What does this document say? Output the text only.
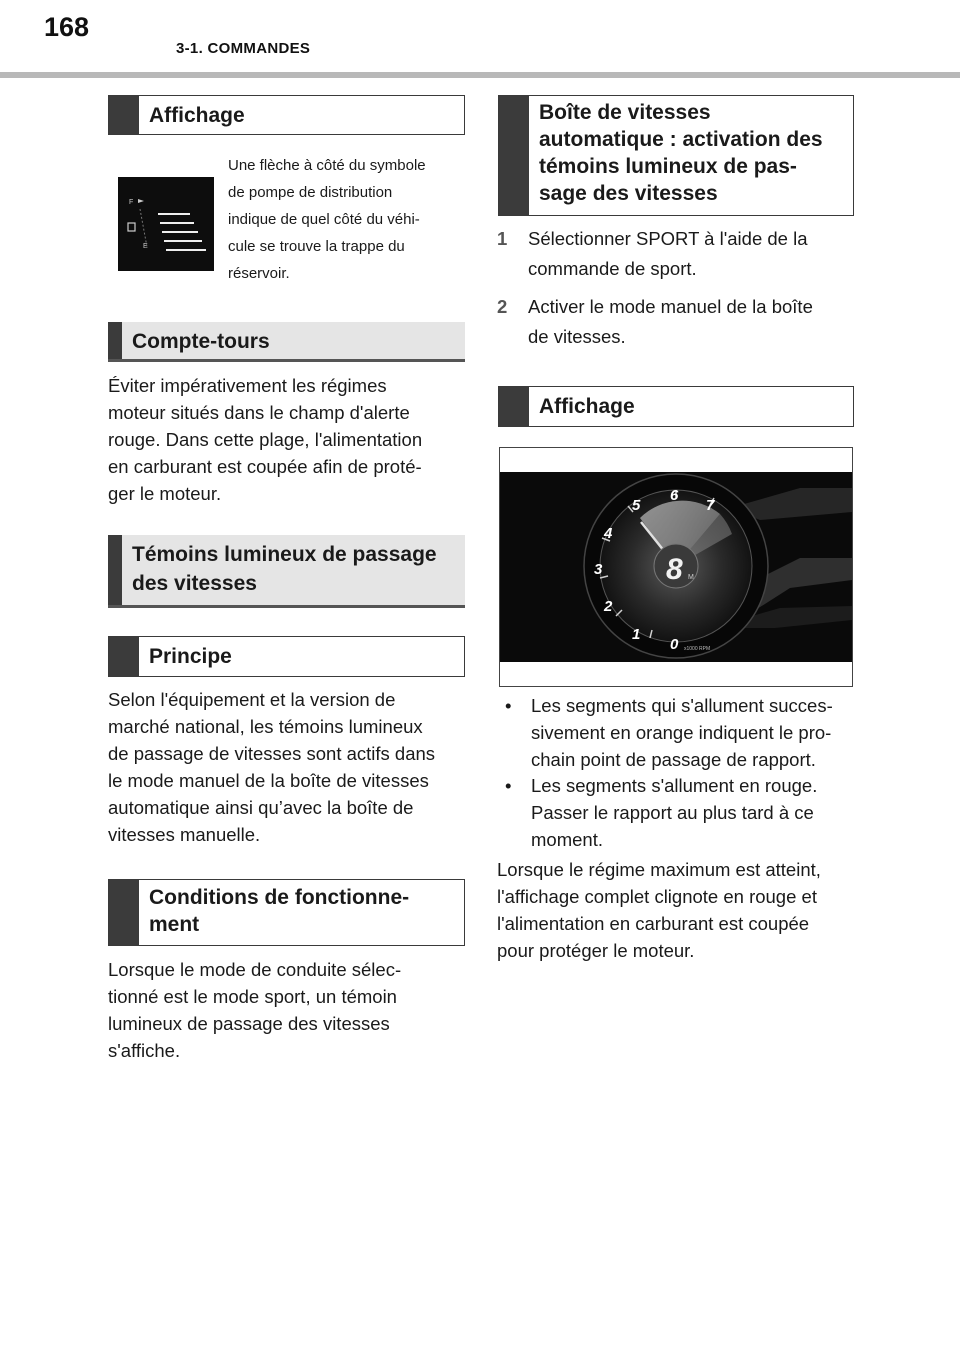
168
3-1. COMMANDES
Affichage
F
E
Une flèche à côté du symbole
de pompe de distribution
indique de quel côté du véhi-
cule se trouve la trappe du
réservoir.
Compte-tours
Éviter impérativement les régimes
moteur situés dans le champ d'alerte
rouge. Dans cette plage, l'alimentation
en carburant est coupée afin de proté-
ger le moteur.
Témoins lumineux de passage
des vitesses
Principe
Selon l'équipement et la version de
marché national, les témoins lumineux
de passage de vitesses sont actifs dans
le mode manuel de la boîte de vitesses
automatique ainsi qu’avec la boîte de
vitesses manuelle.
Conditions de fonctionne-
ment
Lorsque le mode de conduite sélec-
tionné est le mode sport, un témoin
lumineux de passage des vitesses
s'affiche.
Boîte de vitesses
automatique : activation des
témoins lumineux de pas-
sage des vitesses
1 Sélectionner SPORT à l'aide de la
commande de sport.
2 Activer le mode manuel de la boîte
de vitesses.
Affichage
8 M
0
1
2
3
4
5
6
7
x1000 RPM
• Les segments qui s'allument succes-
sivement en orange indiquent le pro-
chain point de passage de rapport.
• Les segments s'allument en rouge.
Passer le rapport au plus tard à ce
moment.
Lorsque le régime maximum est atteint,
l'affichage complet clignote en rouge et
l'alimentation en carburant est coupée
pour protéger le moteur.
